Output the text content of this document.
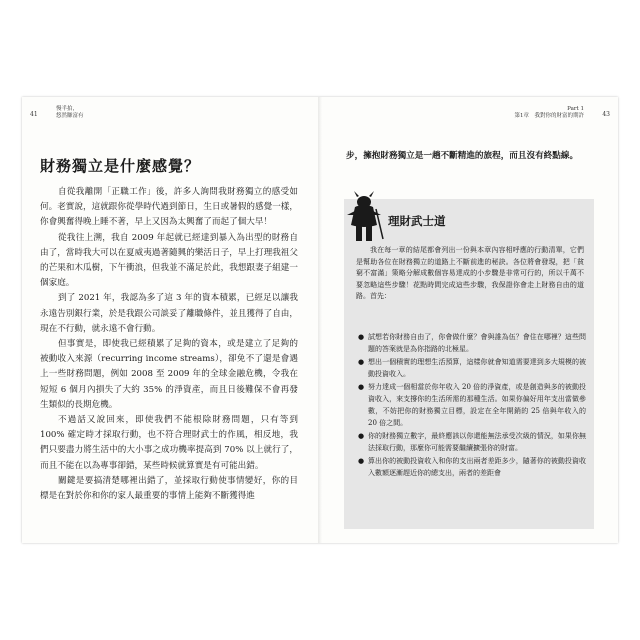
41
慢半拍，
悠然賺富有
財務獨立是什麼感覺？

自從我離開「正職工作」後，許多人詢問我財務獨立的感受如何。老實說，這就跟你從學時代過到節日，生日或暑假的感覺一樣，你會興奮得晚上睡不著，早上又因為太興奮了而起了個大早！

從我往上溯，我自 2009 年起就已經達到暴入為出型的財務自由了，當時我大可以在夏威夷過著隨興的樂活日子，早上打理我祖父的芒果和木瓜樹，下午衝浪，但我並不滿足於此，我想跟妻子組建一個家庭。

到了 2021 年，我認為多了這 3 年的資本積累，已經足以讓我永遠告別銀行業，於是我跟公司談妥了離職條件，並且獲得了自由，現在不行動，就永遠不會行動。

但事實是，即使我已經積累了足夠的資本，或是建立了足夠的被動收入來源（recurring income streams），卻免不了還是會遇上一些財務問題，例如 2008 至 2009 年的全球金融危機，令我在短短 6 個月內損失了大約 35% 的淨資產，而且日後難保不會再發生類似的長期危機。

不過話又說回來，即使我們不能根除財務問題，只有等到 100% 確定時才採取行動，也不符合理財武士的作風，相反地，我們只要盡力將生活中的大小事之成功機率提高到 70% 以上就行了，而且不能在以為專事卻錯，某些時候就算實是有可能出錯。

關鍵是要搞清楚哪裡出錯了，並採取行動使事情變好，你的目標是在對於你和你的家人最重要的事情上能夠不斷獲得進

Part 1
第1章　我對你的財富的期許	43
步，擁抱財務獨立是一趟不斷精進的旅程，而且沒有終點線。
理財武士道
我在每一章的結尾都會列出一份與本章內容相呼應的行動清單，它們是幫助各位在財務獨立的道路上不斷前進的秘訣。各位將會發現，把「貧窮不富滿」策略分解成數個容易達成的小步驟是非常可行的，所以千萬不要忽略這些步驟！花點時間完成這些步驟，我保證你會走上財務自由的道路。首先：
● 試想若你財務自由了，你會做什麼？會與誰為伍？會住在哪裡？這些問題的答案就是為你指路的北極星。
● 想出一個積實的理想生活預算，這樣你就會知道需要達到多大規模的被動投資收入。
● 努力達成一個相當於你年收入 20 倍的淨資產，或是創造與多的被動投資收入，來支撐你的生活所需的那種生活。如果你偏好用年支出當做參數，不妨把你的財務獨立目標，設定在全年開銷的 25 倍與年收入的 20 倍之間。
● 你的財務獨立數字，最終應該以你還能無法承受次級的情況，如果你無法採取行動，那麼你可能需要繼續擴張你的財富。
● 算出你的被動投資收入和你的支出兩者差距多少，隨著你的被動投資收入數額逐漸趕近你的總支出，兩者的差距會
